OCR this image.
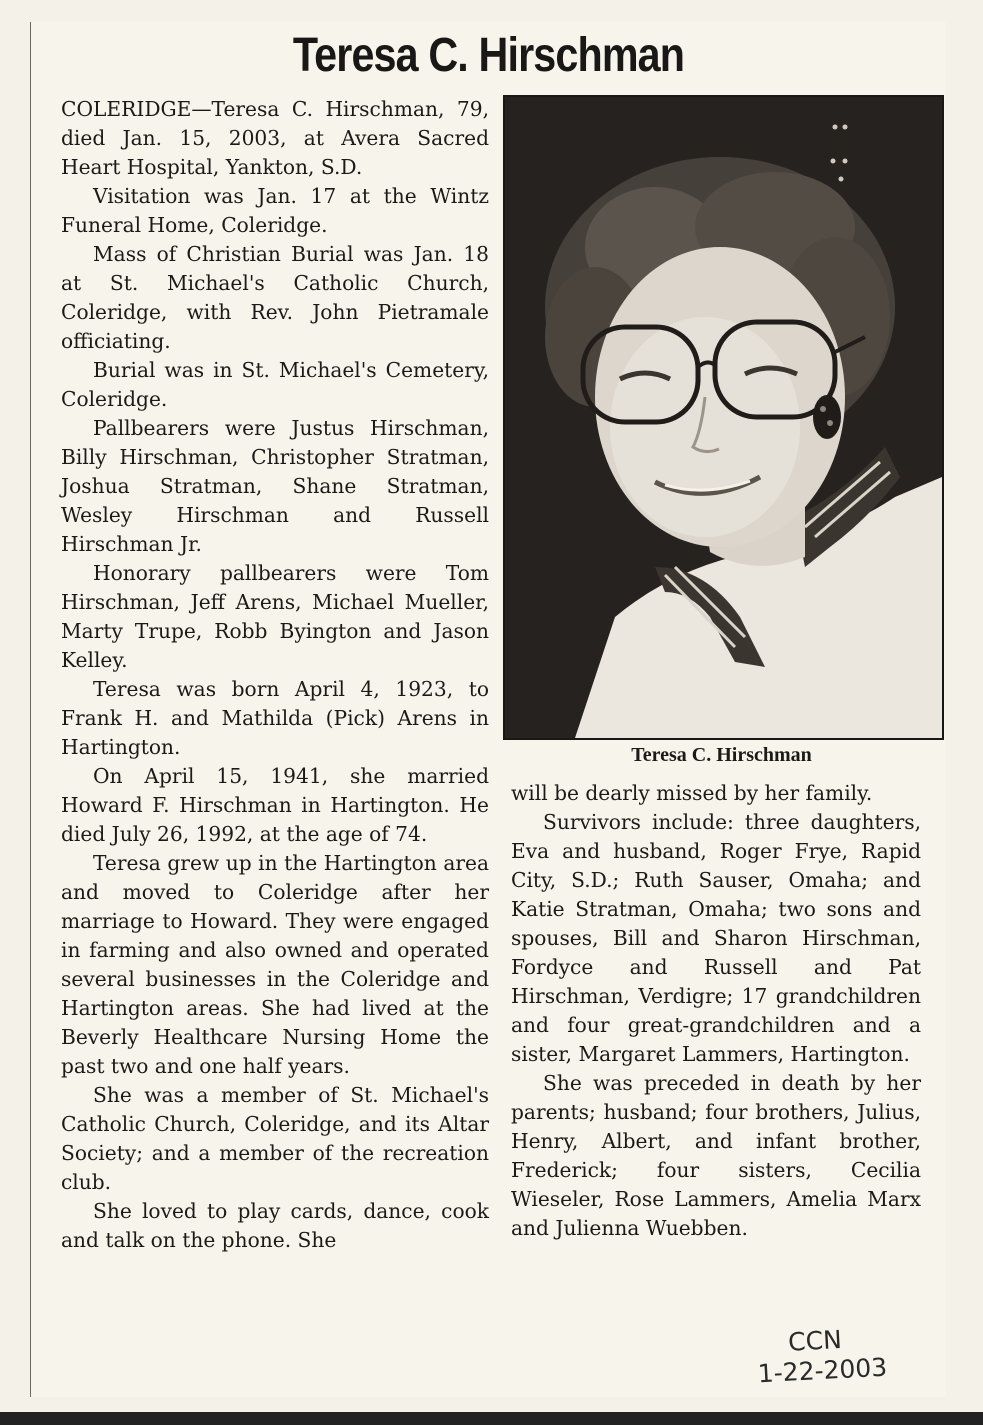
Teresa C. Hirschman

COLERIDGE—Teresa C. Hirschman, 79, died Jan. 15, 2003, at Avera Sacred Heart Hospital, Yankton, S.D.

Visitation was Jan. 17 at the Wintz Funeral Home, Coleridge.

Mass of Christian Burial was Jan. 18 at St. Michael's Catholic Church, Coleridge, with Rev. John Pietramale officiating.

Burial was in St. Michael's Cemetery, Coleridge.

Pallbearers were Justus Hirschman, Billy Hirschman, Christopher Stratman, Joshua Stratman, Shane Stratman, Wesley Hirschman and Russell Hirschman Jr.

Honorary pallbearers were Tom Hirschman, Jeff Arens, Michael Mueller, Marty Trupe, Robb Byington and Jason Kelley.

Teresa was born April 4, 1923, to Frank H. and Mathilda (Pick) Arens in Hartington.

On April 15, 1941, she married Howard F. Hirschman in Hartington. He died July 26, 1992, at the age of 74.

Teresa grew up in the Hartington area and moved to Coleridge after her marriage to Howard. They were engaged in farming and also owned and operated several businesses in the Coleridge and Hartington areas. She had lived at the Beverly Healthcare Nursing Home the past two and one half years.

She was a member of St. Michael's Catholic Church, Coleridge, and its Altar Society; and a member of the recreation club.

She loved to play cards, dance, cook and talk on the phone. She

Teresa C. Hirschman

will be dearly missed by her family.

Survivors include: three daughters, Eva and husband, Roger Frye, Rapid City, S.D.; Ruth Sauser, Omaha; and Katie Stratman, Omaha; two sons and spouses, Bill and Sharon Hirschman, Fordyce and Russell and Pat Hirschman, Verdigre; 17 grandchildren and four great-grandchildren and a sister, Margaret Lammers, Hartington.

She was preceded in death by her parents; husband; four brothers, Julius, Henry, Albert, and infant brother, Frederick; four sisters, Cecilia Wieseler, Rose Lammers, Amelia Marx and Julienna Wuebben.

CCN
1-22-2003
